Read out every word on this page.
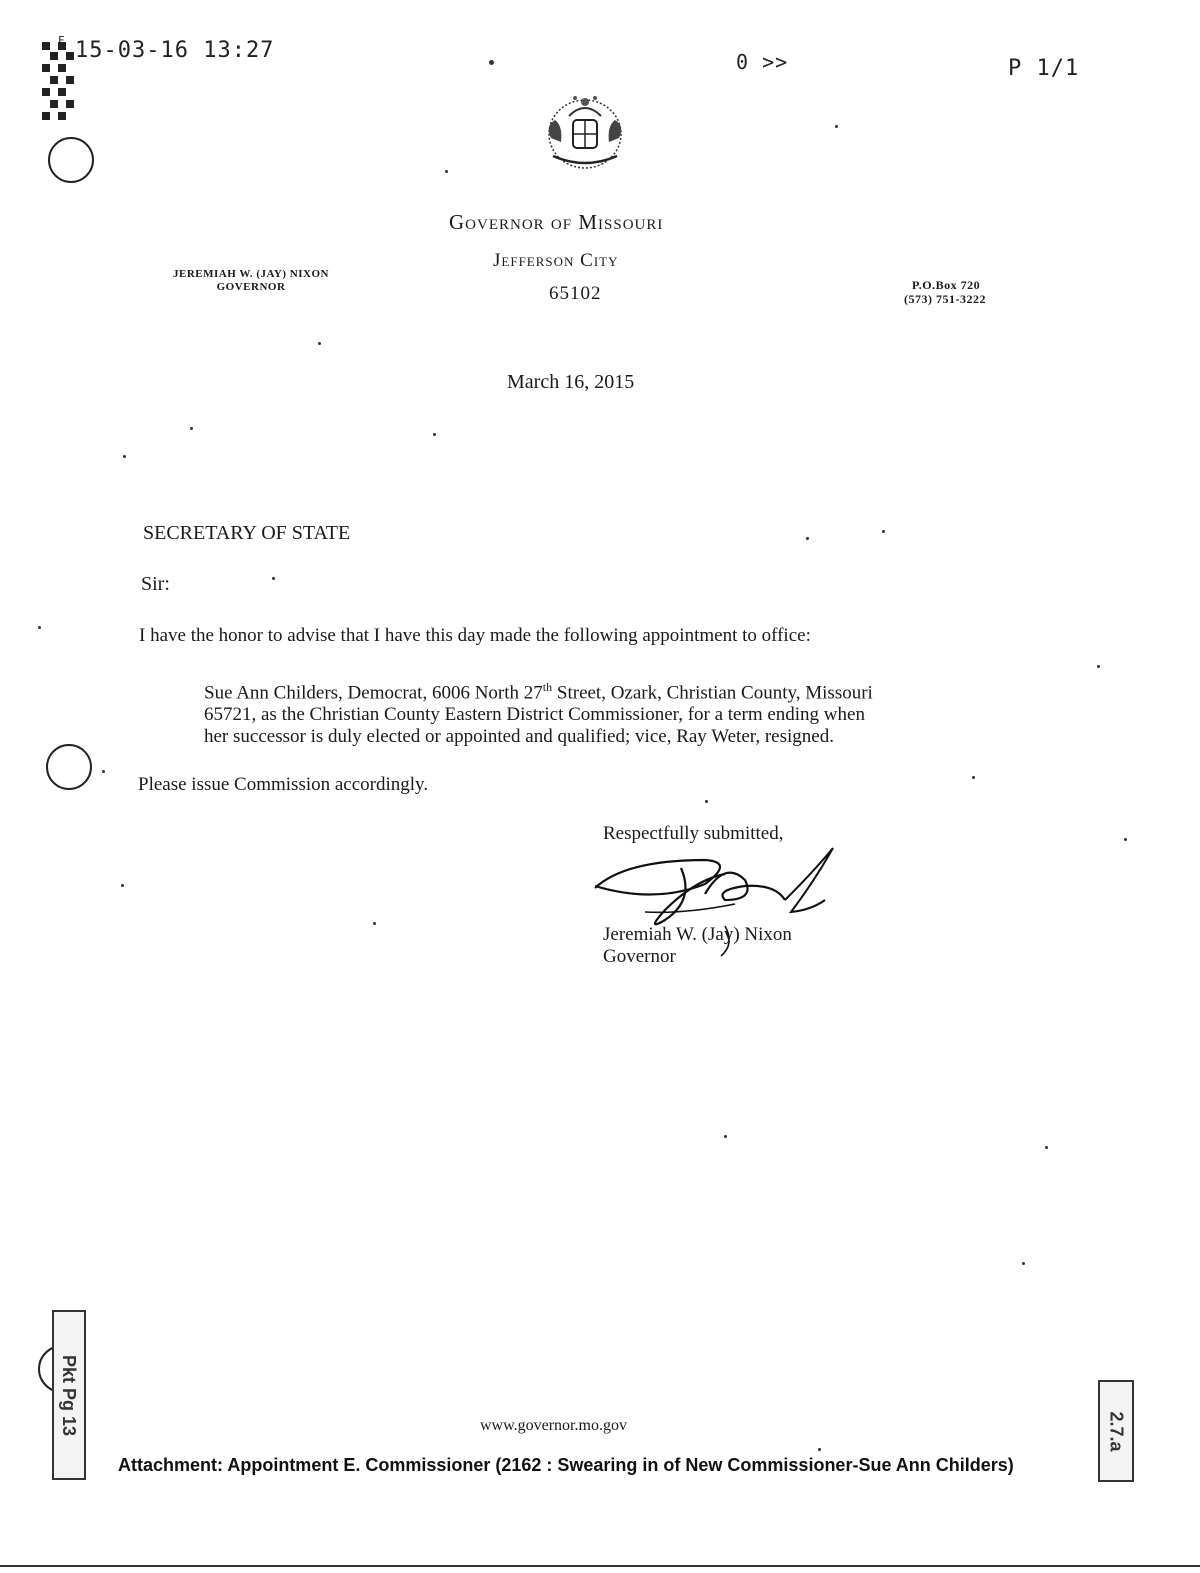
F 15-03-16 13:27	0 >>	P 1/1
Governor of Missouri
Jefferson City
65102
JEREMIAH W. (JAY) NIXON
GOVERNOR	P.O.Box 720
(573) 751-3222
March 16, 2015
SECRETARY OF STATE
Sir:
I have the honor to advise that I have this day made the following appointment to office:
Sue Ann Childers, Democrat, 6006 North 27th Street, Ozark, Christian County, Missouri
65721, as the Christian County Eastern District Commissioner, for a term ending when
her successor is duly elected or appointed and qualified; vice, Ray Weter, resigned.
Please issue Commission accordingly.
Respectfully submitted,
Jeremiah W. (Jay) Nixon
Governor
www.governor.mo.gov
Attachment: Appointment E. Commissioner (2162 : Swearing in of New Commissioner-Sue Ann Childers)
Pkt Pg 13	2.7.a
